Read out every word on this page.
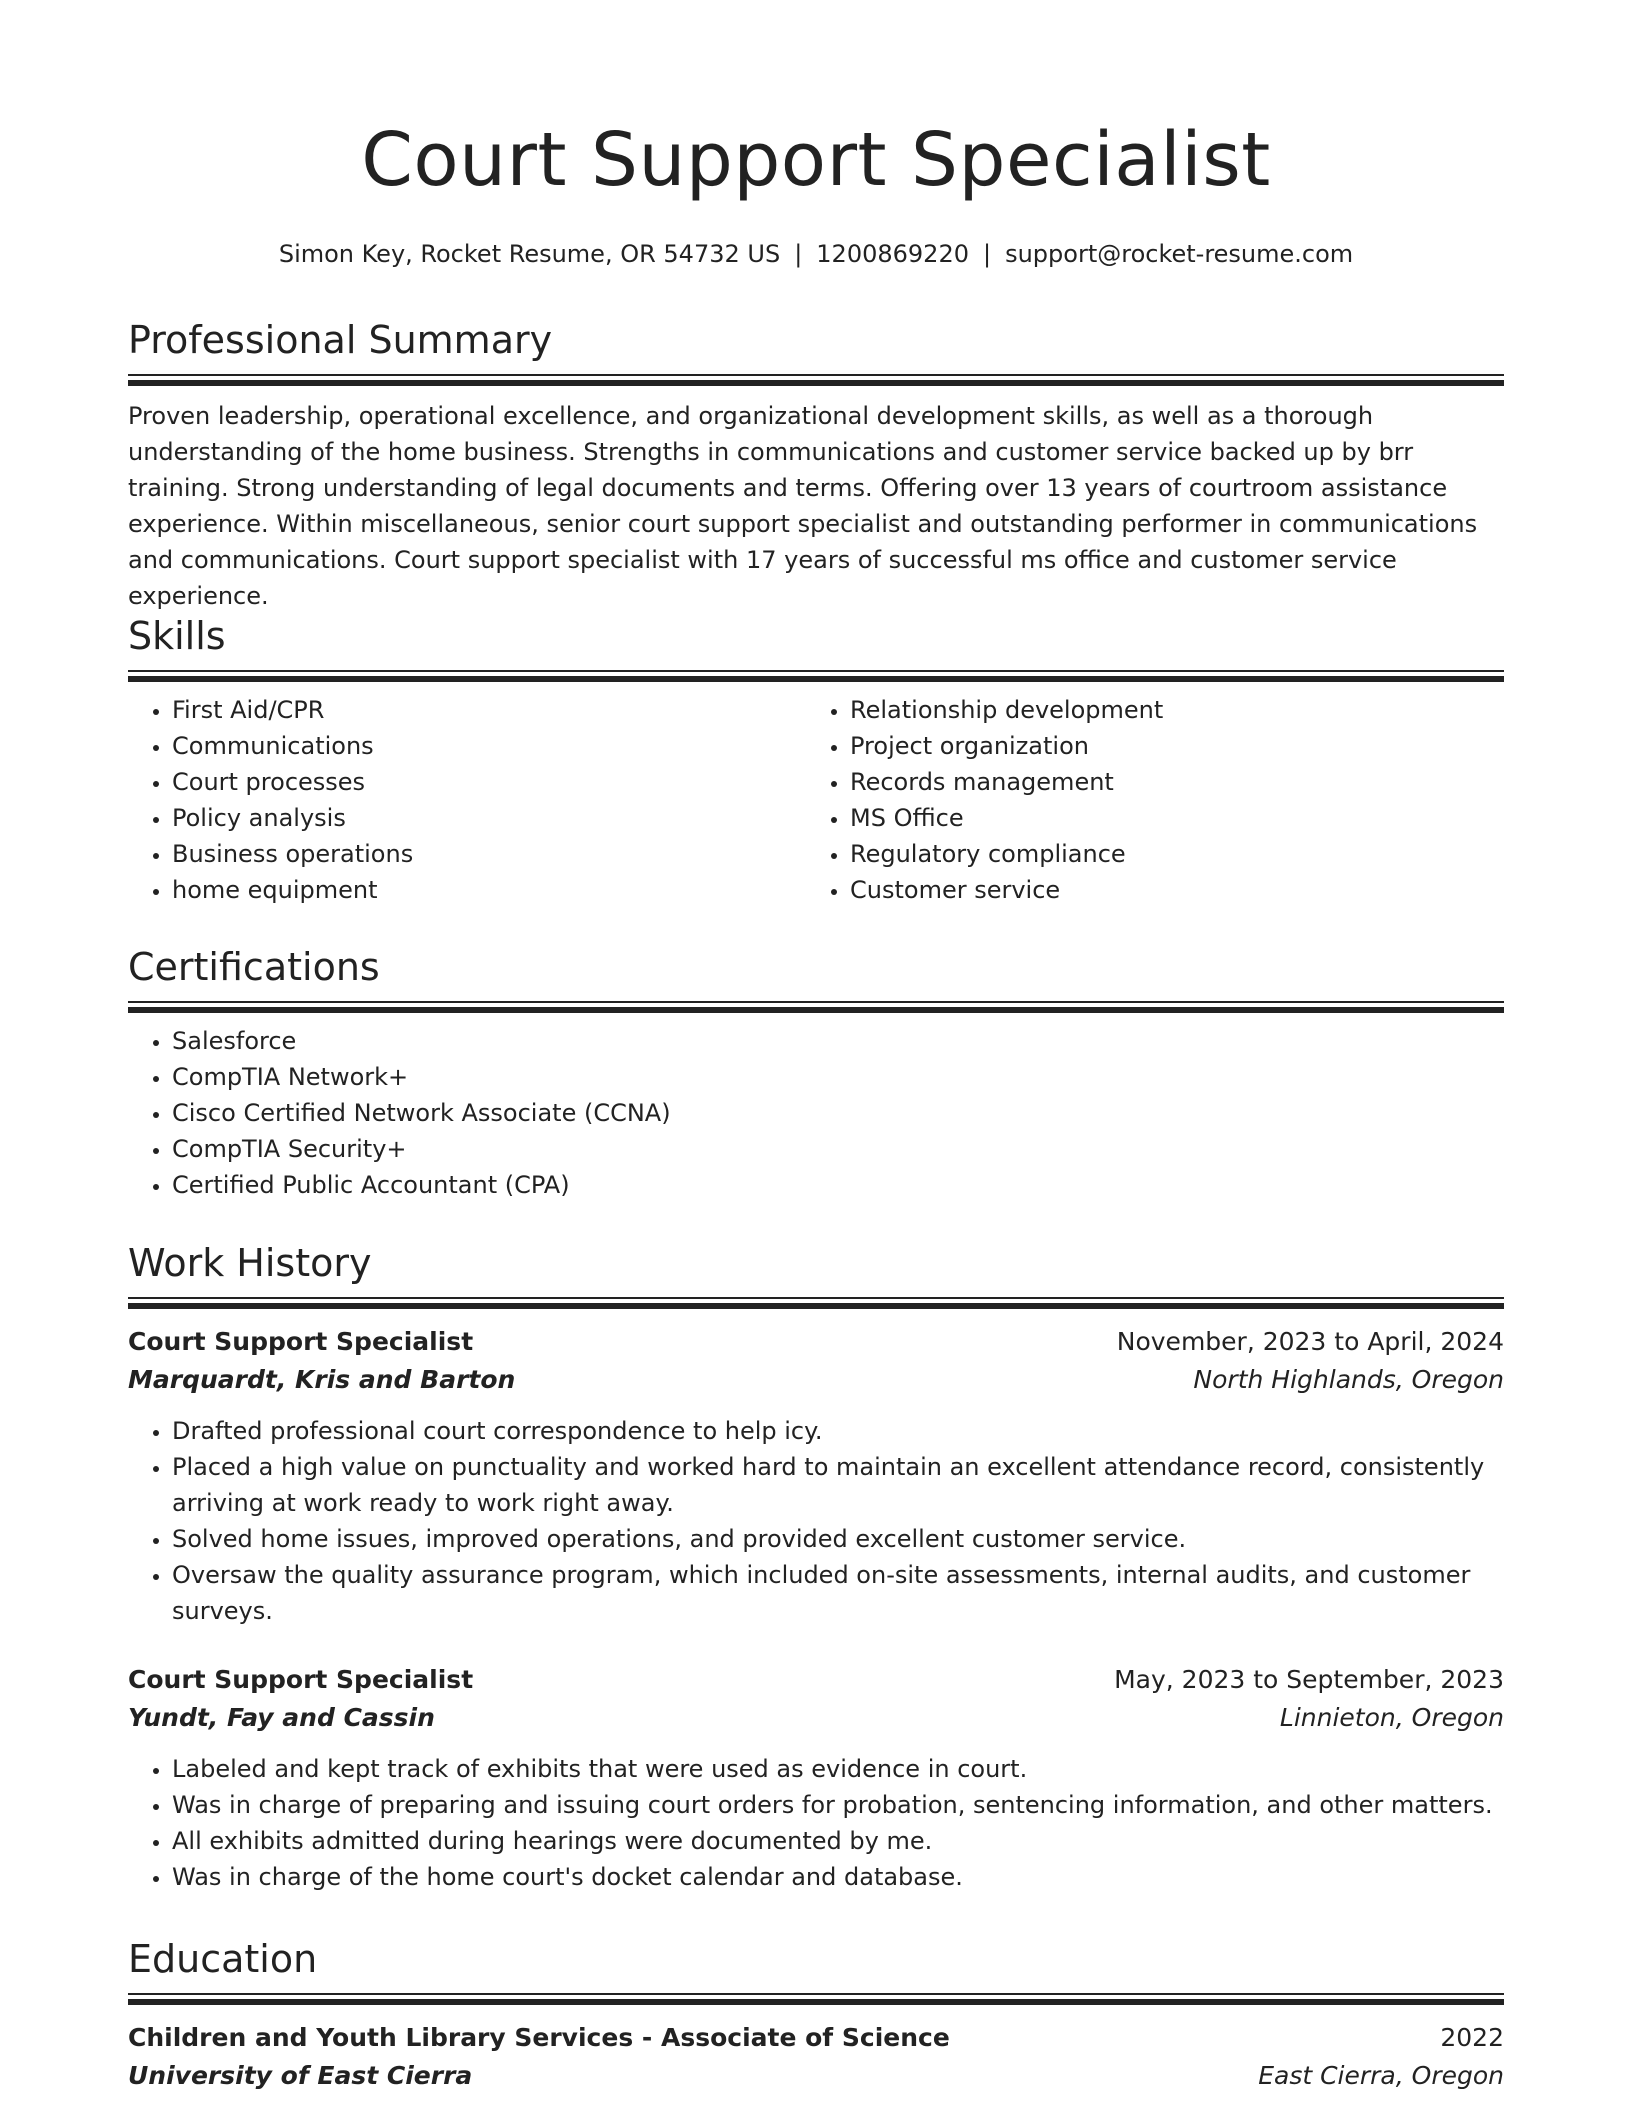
Court Support Specialist
Simon Key, Rocket Resume, OR 54732 US | 1200869220 | support@rocket-resume.com
Professional Summary

Proven leadership, operational excellence, and organizational development skills, as well as a thorough understanding of the home business. Strengths in communications and customer service backed up by brr training. Strong understanding of legal documents and terms. Offering over 13 years of courtroom assistance experience. Within miscellaneous, senior court support specialist and outstanding performer in communications and communications. Court support specialist with 17 years of successful ms office and customer service experience.

Skills
• First Aid/CPR
• Communications
• Court processes
• Policy analysis
• Business operations
• home equipment
• Relationship development
• Project organization
• Records management
• MS Office
• Regulatory compliance
• Customer service
Certifications
• Salesforce
• CompTIA Network+
• Cisco Certified Network Associate (CCNA)
• CompTIA Security+
• Certified Public Accountant (CPA)
Work History
Court Support Specialist	November, 2023 to April, 2024
Marquardt, Kris and Barton	North Highlands, Oregon
• Drafted professional court correspondence to help icy.
• Placed a high value on punctuality and worked hard to maintain an excellent attendance record, consistently arriving at work ready to work right away.
• Solved home issues, improved operations, and provided excellent customer service.
• Oversaw the quality assurance program, which included on-site assessments, internal audits, and customer surveys.
Court Support Specialist	May, 2023 to September, 2023
Yundt, Fay and Cassin	Linnieton, Oregon
• Labeled and kept track of exhibits that were used as evidence in court.
• Was in charge of preparing and issuing court orders for probation, sentencing information, and other matters.
• All exhibits admitted during hearings were documented by me.
• Was in charge of the home court's docket calendar and database.
Education
Children and Youth Library Services - Associate of Science	2022
University of East Cierra	East Cierra, Oregon
